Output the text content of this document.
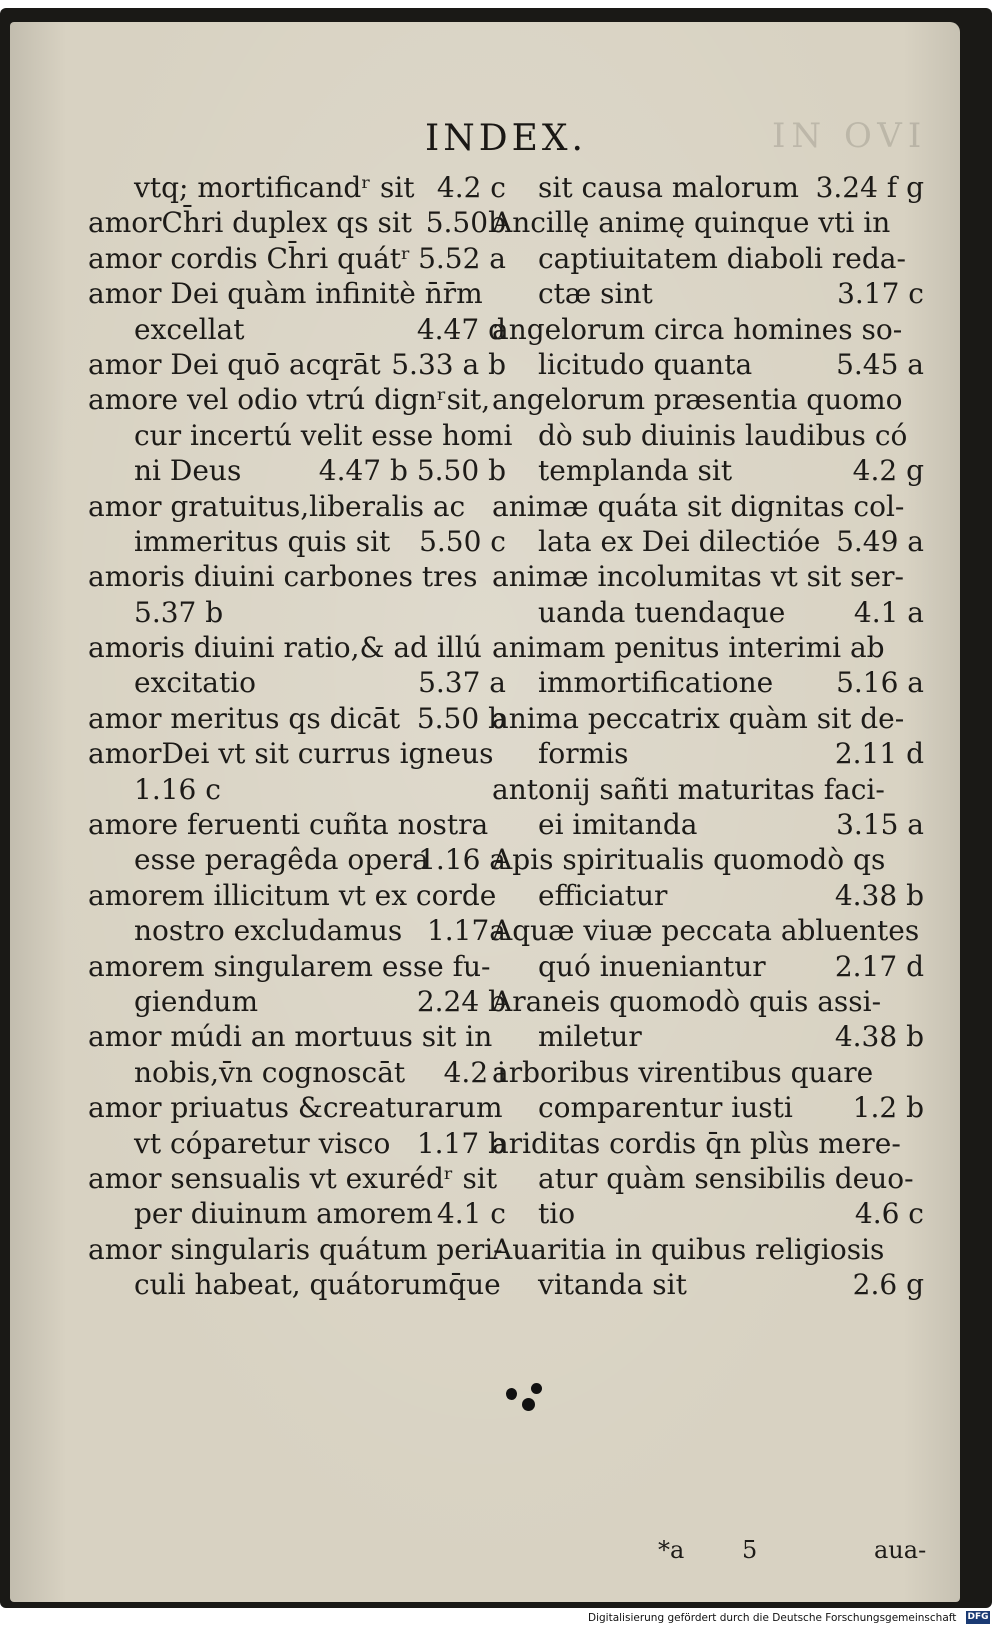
IN OVI
INDEX.
vtq; mortificandʳ sit 4.2 c
amorCh̄ri duplex qs sit 5.50b
amor cordis Ch̄ri quátʳ 5.52 a
amor Dei quàm infinitè n̄r̄m
excellat	4.47 d
amor Dei quō acqrāt 5.33 a b
amore vel odio vtrú dignʳsit,
cur incertú velit esse homi
ni Deus	4.47 b 5.50 b
amor gratuitus,liberalis ac
immeritus quis sit 5.50 c
amoris diuini carbones tres
5.37 b
amoris diuini ratio,& ad illú
excitatio	5.37 a
amor meritus qs dicāt 5.50 b
amorDei vt sit currus igneus
1.16 c
amore feruenti cuñta nostra
esse peragêda opera
1.16 a
amorem illicitum vt ex corde
nostro excludamus 1.17a
amorem singularem esse fu-
giendum	2.24 b
amor múdi an mortuus sit in
nobis,v̄n cognoscāt 4.2 i
amor priuatus &creaturarum
vt cóparetur visco 1.17 b
amor sensualis vt exurédʳ sit
per diuinum amorem 4.1 c
amor singularis quátum peri-
culi habeat, quátorumq̄ue
sit causa malorum 3.24 f g
Ancillę animę quinque vti in
captiuitatem diaboli reda-
ctæ sint	3.17 c
angelorum circa homines so-
licitudo quanta	5.45 a
angelorum præsentia quomo
dò sub diuinis laudibus có
templanda sit	4.2 g
animæ quáta sit dignitas col-
lata ex Dei dilectióe 5.49 a
animæ incolumitas vt sit ser-
uanda tuendaque 4.1 a
animam penitus interimi ab
immortificatione 5.16 a
anima peccatrix quàm sit de-
formis	2.11 d
antonij sañti maturitas faci-
ei imitanda	3.15 a
Apis spiritualis quomodò qs
efficiatur	4.38 b
Aquæ viuæ peccata abluentes
quó inueniantur 2.17 d
Araneis quomodò quis assi-
miletur	4.38 b
arboribus virentibus quare
comparentur iusti 1.2 b
ariditas cordis q̄n plùs mere-
atur quàm sensibilis deuo-
tio	4.6 c
Auaritia in quibus religiosis
vitanda sit	2.6 g
*a 5	aua-
Digitalisierung gefördert durch die Deutsche Forschungsgemeinschaft DFG
